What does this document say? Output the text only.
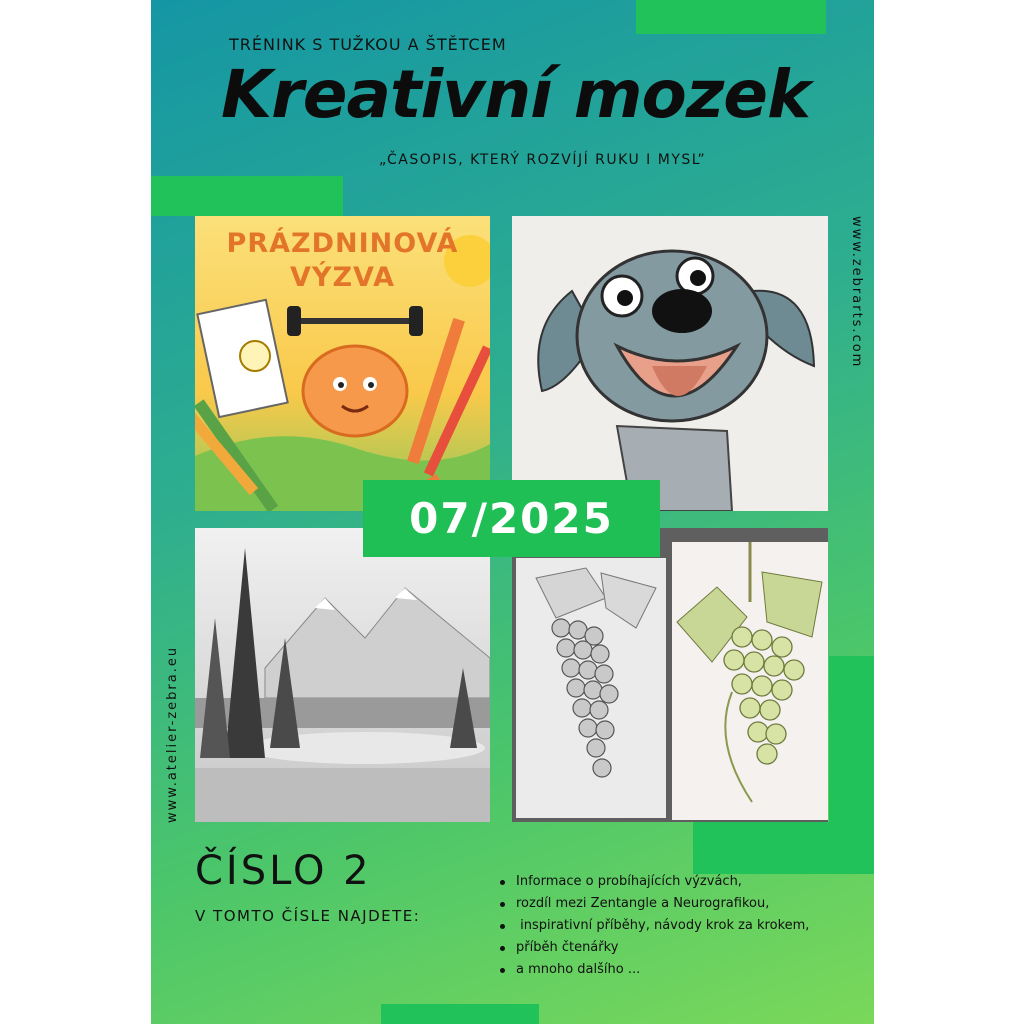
TRÉNINK S TUŽKOU A ŠTĚTCEM
Kreativní mozek
„ČASOPIS, KTERÝ ROZVÍJÍ RUKU I MYSL”
www.zebrarts.com
www.atelier-zebra.eu
PRÁZDNINOVÁ
VÝZVA
07/2025
ČÍSLO 2
V TOMTO ČÍSLE NAJDETE:
Informace o probíhajících výzvách,
rozdíl mezi Zentangle a Neurografikou,
inspirativní příběhy, návody krok za krokem,
příběh čtenářky
a mnoho dalšího ...
